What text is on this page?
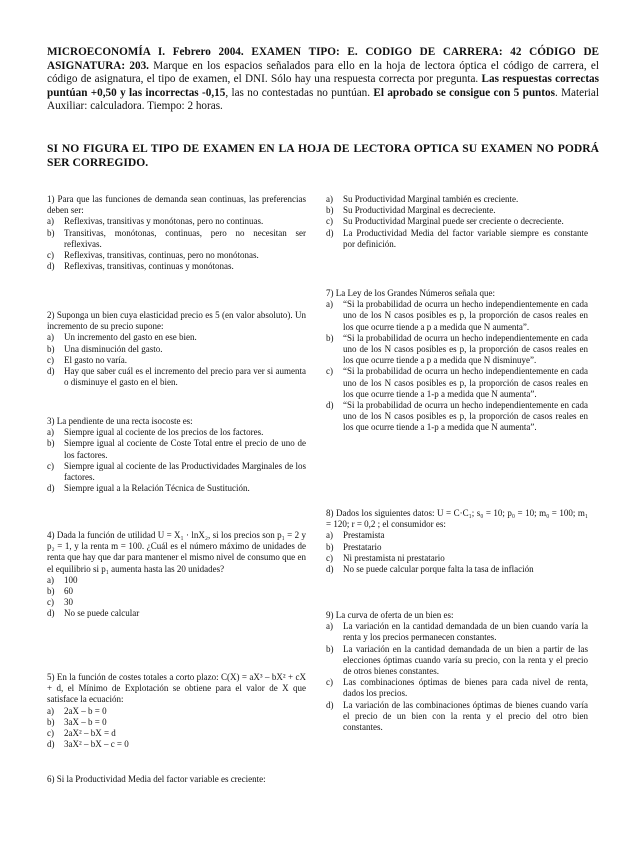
MICROECONOMÍA I. Febrero 2004. EXAMEN TIPO: E. CODIGO DE CARRERA: 42 CÓDIGO DE ASIGNATURA: 203. Marque en los espacios señalados para ello en la hoja de lectora óptica el código de carrera, el código de asignatura, el tipo de examen, el DNI. Sólo hay una respuesta correcta por pregunta. Las respuestas correctas puntúan +0,50 y las incorrectas -0,15, las no contestadas no puntúan. El aprobado se consigue con 5 puntos. Material Auxiliar: calculadora. Tiempo: 2 horas.
SI NO FIGURA EL TIPO DE EXAMEN EN LA HOJA DE LECTORA OPTICA SU EXAMEN NO PODRÁ SER CORREGIDO.
1) Para que las funciones de demanda sean continuas, las preferencias deben ser:
a)	Reflexivas, transitivas y monótonas, pero no continuas.
b)	Transitivas, monótonas, continuas, pero no necesitan ser reflexivas.
c)	Reflexivas, transitivas, continuas, pero no monótonas.
d)	Reflexivas, transitivas, continuas y monótonas.
2) Suponga un bien cuya elasticidad precio es 5 (en valor absoluto). Un incremento de su precio supone:
a)	Un incremento del gasto en ese bien.
b)	Una disminución del gasto.
c)	El gasto no varía.
d)	Hay que saber cuál es el incremento del precio para ver si aumenta o disminuye el gasto en el bien.
3) La pendiente de una recta isocoste es:
a)	Siempre igual al cociente de los precios de los factores.
b)	Siempre igual al cociente de Coste Total entre el precio de uno de los factores.
c)	Siempre igual al cociente de las Productividades Marginales de los factores.
d)	Siempre igual a la Relación Técnica de Sustitución.
4) Dada la función de utilidad U = X₁ · lnX₂, si los precios son p₁ = 2 y p₂ = 1, y la renta m = 100. ¿Cuál es el número máximo de unidades de renta que hay que dar para mantener el mismo nivel de consumo que en el equilibrio si p₁ aumenta hasta las 20 unidades?
a)	100
b)	60
c)	30
d)	No se puede calcular
5) En la función de costes totales a corto plazo: C(X) = aX³ – bX² + cX + d, el Mínimo de Explotación se obtiene para el valor de X que satisface la ecuación:
a)	2aX – b = 0
b)	3aX – b = 0
c)	2aX² – bX = d
d)	3aX² – bX – c = 0
6) Si la Productividad Media del factor variable es creciente:
a)	Su Productividad Marginal también es creciente.
b)	Su Productividad Marginal es decreciente.
c)	Su Productividad Marginal puede ser creciente o decreciente.
d)	La Productividad Media del factor variable siempre es constante por definición.
7) La Ley de los Grandes Números señala que:
a)	“Si la probabilidad de ocurra un hecho independientemente en cada uno de los N casos posibles es p, la proporción de casos reales en los que ocurre tiende a p a medida que N aumenta”.
b)	“Si la probabilidad de ocurra un hecho independientemente en cada uno de los N casos posibles es p, la proporción de casos reales en los que ocurre tiende a p a medida que N disminuye”.
c)	“Si la probabilidad de ocurra un hecho independientemente en cada uno de los N casos posibles es p, la proporción de casos reales en los que ocurre tiende a 1-p a medida que N aumenta”.
d)	“Si la probabilidad de ocurra un hecho independientemente en cada uno de los N casos posibles es p, la proporción de casos reales en los que ocurre tiende a 1-p a medida que N aumenta”.
8) Dados los siguientes datos: U = C·C₁; s₀ = 10; p₀ = 10; m₀ = 100; m₁ = 120; r = 0,2 ; el consumidor es:
a)	Prestamista
b)	Prestatario
c)	Ni prestamista ni prestatario
d)	No se puede calcular porque falta la tasa de inflación
9) La curva de oferta de un bien es:
a)	La variación en la cantidad demandada de un bien cuando varía la renta y los precios permanecen constantes.
b)	La variación en la cantidad demandada de un bien a partir de las elecciones óptimas cuando varía su precio, con la renta y el precio de otros bienes constantes.
c)	Las combinaciones óptimas de bienes para cada nivel de renta, dados los precios.
d)	La variación de las combinaciones óptimas de bienes cuando varía el precio de un bien con la renta y el precio del otro bien constantes.
